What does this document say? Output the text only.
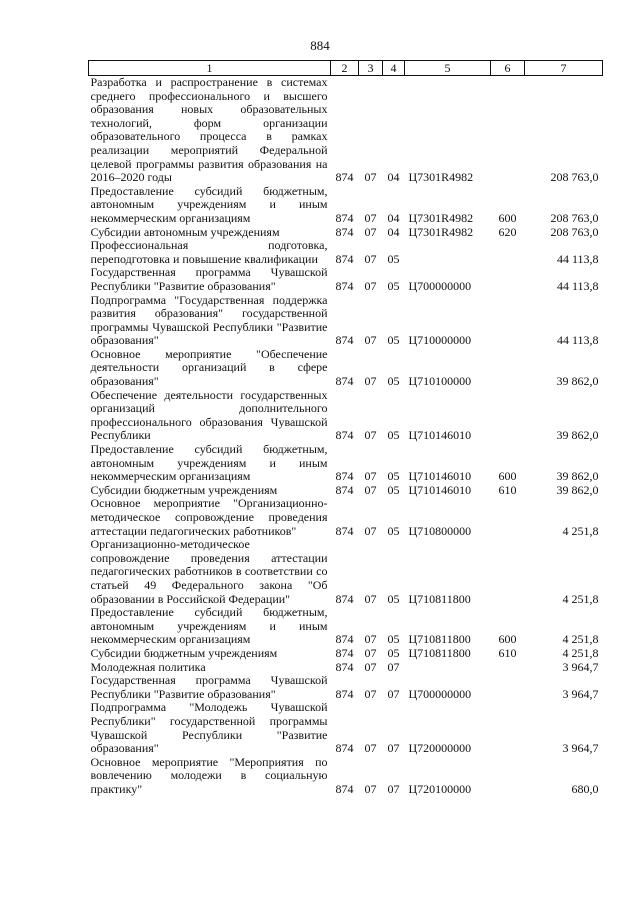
884
1	2	3	4	5	6	7
Разработка и распространение в системах среднего профессионального и высшего образования новых образовательных технологий, форм организации образовательного процесса в рамках реализации мероприятий Федеральной целевой программы развития образования на 2016–2020 годы	874	07	04	Ц7301R4982		208 763,0
Предоставление субсидий бюджетным, автономным учреждениям и иным некоммерческим организациям	874	07	04	Ц7301R4982	600	208 763,0
Субсидии автономным учреждениям	874	07	04	Ц7301R4982	620	208 763,0
Профессиональная подготовка, переподготовка и повышение квалификации	874	07	05			44 113,8
Государственная программа Чувашской Республики "Развитие образования"	874	07	05	Ц700000000		44 113,8
Подпрограмма "Государственная поддержка развития образования" государственной программы Чувашской Республики "Развитие образования"	874	07	05	Ц710000000		44 113,8
Основное мероприятие "Обеспечение деятельности организаций в сфере образования"	874	07	05	Ц710100000		39 862,0
Обеспечение деятельности государственных организаций дополнительного профессионального образования Чувашской Республики	874	07	05	Ц710146010		39 862,0
Предоставление субсидий бюджетным, автономным учреждениям и иным некоммерческим организациям	874	07	05	Ц710146010	600	39 862,0
Субсидии бюджетным учреждениям	874	07	05	Ц710146010	610	39 862,0
Основное мероприятие "Организационно-методическое сопровождение проведения аттестации педагогических работников"	874	07	05	Ц710800000		4 251,8
Организационно-методическое сопровождение проведения аттестации педагогических работников в соответствии со статьей 49 Федерального закона "Об образовании в Российской Федерации"	874	07	05	Ц710811800		4 251,8
Предоставление субсидий бюджетным, автономным учреждениям и иным некоммерческим организациям	874	07	05	Ц710811800	600	4 251,8
Субсидии бюджетным учреждениям	874	07	05	Ц710811800	610	4 251,8
Молодежная политика	874	07	07			3 964,7
Государственная программа Чувашской Республики "Развитие образования"	874	07	07	Ц700000000		3 964,7
Подпрограмма "Молодежь Чувашской Республики" государственной программы Чувашской Республики "Развитие образования"	874	07	07	Ц720000000		3 964,7
Основное мероприятие "Мероприятия по вовлечению молодежи в социальную практику"	874	07	07	Ц720100000		680,0
